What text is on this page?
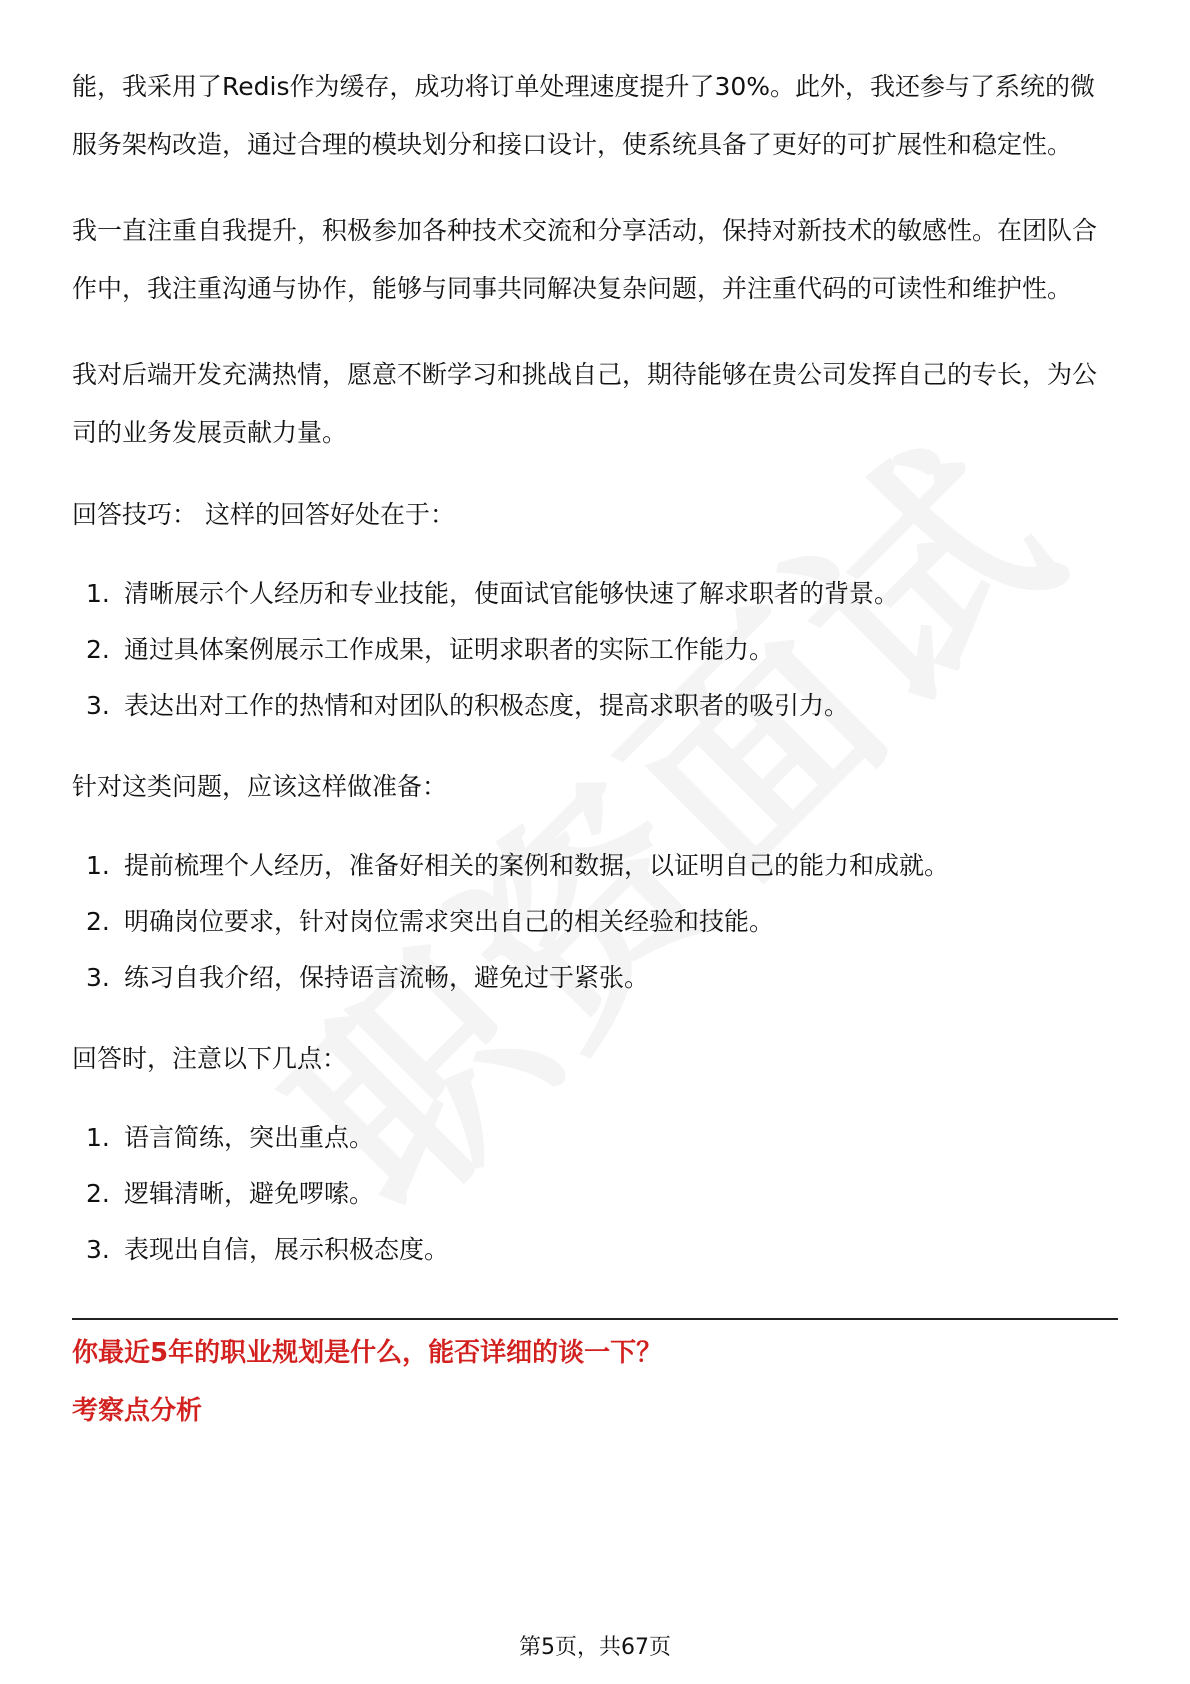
能，我采用了Redis作为缓存，成功将订单处理速度提升了30%。此外，我还参与了系统的微服务架构改造，通过合理的模块划分和接口设计，使系统具备了更好的可扩展性和稳定性。

我一直注重自我提升，积极参加各种技术交流和分享活动，保持对新技术的敏感性。在团队合作中，我注重沟通与协作，能够与同事共同解决复杂问题，并注重代码的可读性和维护性。

我对后端开发充满热情，愿意不断学习和挑战自己，期待能够在贵公司发挥自己的专长，为公司的业务发展贡献力量。

回答技巧： 这样的回答好处在于：

1. 清晰展示个人经历和专业技能，使面试官能够快速了解求职者的背景。
2. 通过具体案例展示工作成果，证明求职者的实际工作能力。
3. 表达出对工作的热情和对团队的积极态度，提高求职者的吸引力。

针对这类问题，应该这样做准备：

1. 提前梳理个人经历，准备好相关的案例和数据，以证明自己的能力和成就。
2. 明确岗位要求，针对岗位需求突出自己的相关经验和技能。
3. 练习自我介绍，保持语言流畅，避免过于紧张。

回答时，注意以下几点：

1. 语言简练，突出重点。
2. 逻辑清晰，避免啰嗦。
3. 表现出自信，展示积极态度。
你最近5年的职业规划是什么，能否详细的谈一下？
考察点分析
第5页，共67页
